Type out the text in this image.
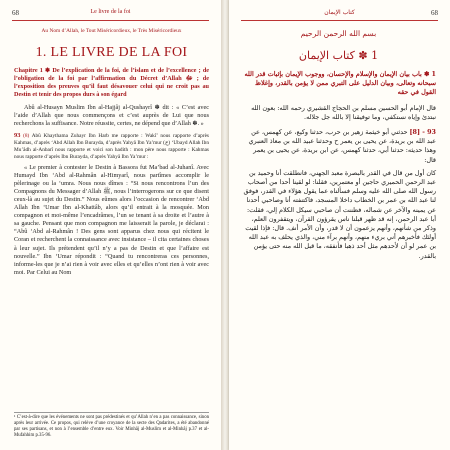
68	Le livre de la foi

Au Nom d’Allah, le Tout Miséricordieux, le Très Miséricordieux

1. LE LIVRE DE LA FOI

Chapitre 1 ✽ De l’explication de la foi, de l’islam et de l’excellence ; de l’obligation de la foi par l’affirmation du Décret d’Allah ﷻ ; de l’exposition des preuves qu’il faut désavouer celui qui ne croit pas au Destin et tenir des propos durs à son égard

Abû al-Husayn Muslim Ibn al-Hajjâj al-Qushayrî ✽ dit : « C’est avec l’aide d’Allah que nous commençons et c’est auprès de Lui que nous recherchons la suffisance. Notre réussite, certes, ne dépend que d’Allah ✽. »

93 (8) Abû Khaythama Zuhayr Ibn Harb me rapporte : Wakî’ nous rapporte d’après Kahmas, d’après ‘Abd Allah Ibn Burayda, d’après Yahyâ Ibn Ya’mur (ح) ‘Ubayd Allah Ibn Mu’âdh al-Anbarî nous rapporte et voici son hadith : mon père nous rapporte : Kahmas nous rapporte d’après Ibn Burayda, d’après Yahyâ Ibn Ya’mur :

« Le premier à contester le Destin à Bassora fut Ma’bad al-Juhanî. Avec Humayd Ibn ‘Abd al-Rahmân al-Himyarî, nous partîmes accomplir le pèlerinage ou la ‘umra. Nous nous dîmes : “Si nous rencontrons l’un des Compagnons du Messager d’Allah ﷺ, nous l’interrogerons sur ce que disent ceux-là au sujet du Destin.” Nous eûmes alors l’occasion de rencontrer ‘Abd Allah Ibn ‘Umar Ibn al-Khattâb, alors qu’il entrait à la mosquée. Mon compagnon et moi-même l’encadrâmes, l’un se tenant à sa droite et l’autre à sa gauche. Pensant que mon compagnon me laisserait la parole, je déclarai : “Abû ‘Abd al-Rahmân ! Des gens sont apparus chez nous qui récitent le Coran et recherchent la connaissance avec insistance – il cita certaines choses à leur sujet. Ils prétendent qu’il n’y a pas de Destin et que l’affaire est nouvelle.” Ibn ‘Umar répondit : “Quand tu rencontreras ces personnes, informe-les que je n’ai rien à voir avec elles et qu’elles n’ont rien à voir avec moi. Par Celui au Nom

¹ C’est-à-dire que les événements ne sont pas prédestinés et qu’Allah n’en a pas connaissance, sinon après leur arrivée. Ce propos, qui relève d’une croyance de la secte des Qadarites, a été abandonné par ses partisans, et non à l’ensemble d’entre eux. Voir Minhâj al-Muslim et al-Minhâj p.37 et al-Mufahhim p.35-96.

68
كتاب الإيمان

بسم الله الرحمن الرحيم

1 ✽ كتاب الإيمان

1 ✽ باب بيان الإيمان والإسلام والإحسان، ووجوب الإيمان بإثبات قدر الله سبحانه وتعالى، وبيان الدليل على التبري ممن لا يؤمن بالقدر، وإغلاظ القول في حقه

قال الإمام أبو الحسين مسلم بن الحجاج القشيري رحمه الله: بعون الله نبتدئ وإياه نستكفي، وما توفيقنا إلا بالله جل جلاله.

93 - [8] حدثني أبو خيثمة زهير بن حرب، حدثنا وكيع، عن كهمس، عن عبد الله بن بريدة، عن يحيى بن يعمر ح وحدثنا عبيد الله بن معاذ العنبري وهذا حديثه: حدثنا أبي، حدثنا كهمس، عن ابن بريدة، عن يحيى بن يعمر قال:

كان أول من قال في القدر بالبصرة معبد الجهني، فانطلقت أنا وحميد بن عبد الرحمن الحميري حاجين أو معتمرين، فقلنا: لو لقينا أحدا من أصحاب رسول الله صلى الله عليه وسلم فسألناه عما يقول هؤلاء في القدر، فوفق لنا عبد الله بن عمر بن الخطاب داخلا المسجد، فاكتنفته أنا وصاحبي أحدنا عن يمينه والآخر عن شماله، فظننت أن صاحبي سيكل الكلام إلي، فقلت: أبا عبد الرحمن، إنه قد ظهر قبلنا ناس يقرؤون القرآن، ويتقفرون العلم، وذكر من شأنهم، وأنهم يزعمون أن لا قدر، وأن الأمر أنف. قال: فإذا لقيت أولئك فأخبرهم أني بريء منهم، وأنهم برآء مني، والذي يحلف به عبد الله بن عمر لو أن لأحدهم مثل أحد ذهبا فأنفقه، ما قبل الله منه حتى يؤمن بالقدر.
